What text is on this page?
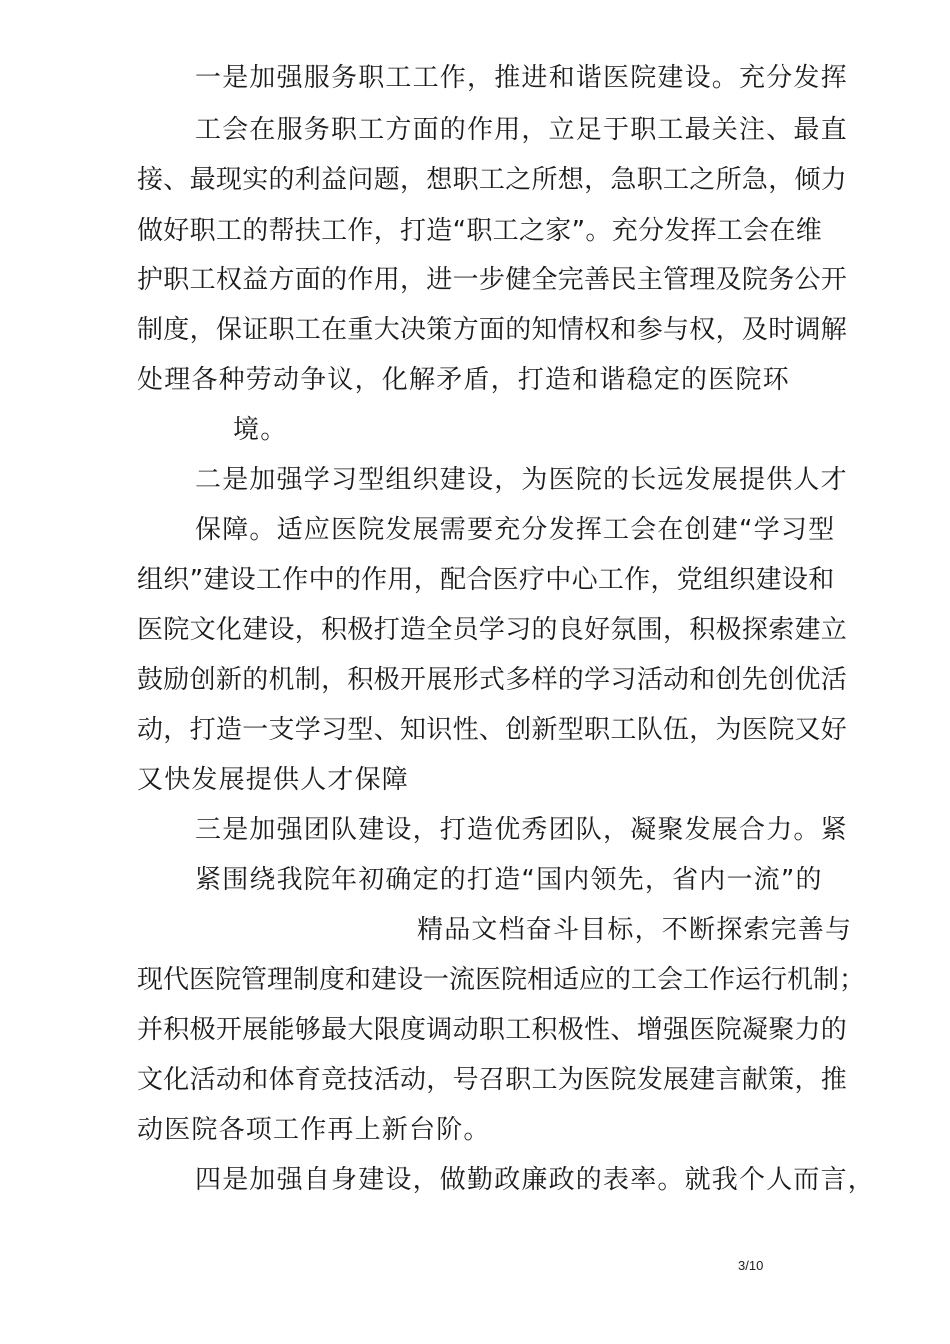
一是加强服务职工工作，推进和谐医院建设。充分发挥
工会在服务职工方面的作用，立足于职工最关注、最直
接、最现实的利益问题，想职工之所想，急职工之所急，倾力
做好职工的帮扶工作，打造“职工之家”。充分发挥工会在维
护职工权益方面的作用，进一步健全完善民主管理及院务公开
制度，保证职工在重大决策方面的知情权和参与权，及时调解
处理各种劳动争议，化解矛盾，打造和谐稳定的医院环
境。
二是加强学习型组织建设，为医院的长远发展提供人才
保障。适应医院发展需要充分发挥工会在创建“学习型
组织”建设工作中的作用，配合医疗中心工作，党组织建设和
医院文化建设，积极打造全员学习的良好氛围，积极探索建立
鼓励创新的机制，积极开展形式多样的学习活动和创先创优活
动，打造一支学习型、知识性、创新型职工队伍，为医院又好
又快发展提供人才保障
三是加强团队建设，打造优秀团队，凝聚发展合力。紧
紧围绕我院年初确定的打造“国内领先，省内一流”的
精品文档奋斗目标，不断探索完善与
现代医院管理制度和建设一流医院相适应的工会工作运行机制；
并积极开展能够最大限度调动职工积极性、增强医院凝聚力的
文化活动和体育竞技活动，号召职工为医院发展建言献策，推
动医院各项工作再上新台阶。
四是加强自身建设，做勤政廉政的表率。就我个人而言，
3/10
